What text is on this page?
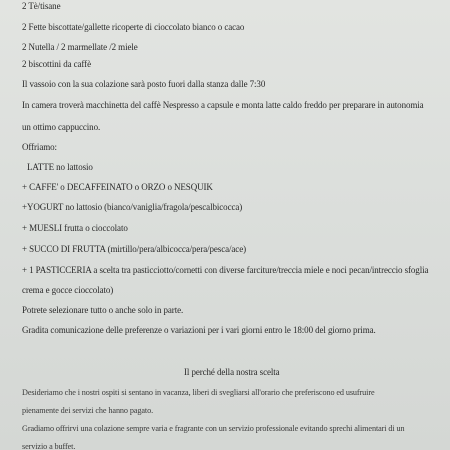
2 Tè/tisane
2 Fette biscottate/gallette ricoperte di cioccolato bianco o cacao
2 Nutella / 2 marmellate /2 miele
2 biscottini da caffè
Il vassoio con la sua colazione sarà posto fuori dalla stanza dalle 7:30
In camera troverà macchinetta del caffè Nespresso a capsule e monta latte caldo freddo per preparare in autonomia
un ottimo cappuccino.
Offriamo:
LATTE no lattosio
+ CAFFE' o DECAFFEINATO o ORZO o NESQUIK
+YOGURT no lattosio (bianco/vaniglia/fragola/pescalbicocca)
+ MUESLI frutta o cioccolato
+ SUCCO DI FRUTTA (mirtillo/pera/albicocca/pera/pesca/ace)
+ 1 PASTICCERIA a scelta tra pasticciotto/cornetti con diverse farciture/treccia miele e noci pecan/intreccio sfoglia
crema e gocce cioccolato)
Potrete selezionare tutto o anche solo in parte.
Gradita comunicazione delle preferenze o variazioni per i vari giorni entro le 18:00 del giorno prima.
Il perché della nostra scelta
Desideriamo che i nostri ospiti si sentano in vacanza, liberi di svegliarsi all'orario che preferiscono ed usufruire
pienamente dei servizi che hanno pagato.
Gradiamo offrirvi una colazione sempre varia e fragrante con un servizio professionale evitando sprechi alimentari di un
servizio a buffet.
